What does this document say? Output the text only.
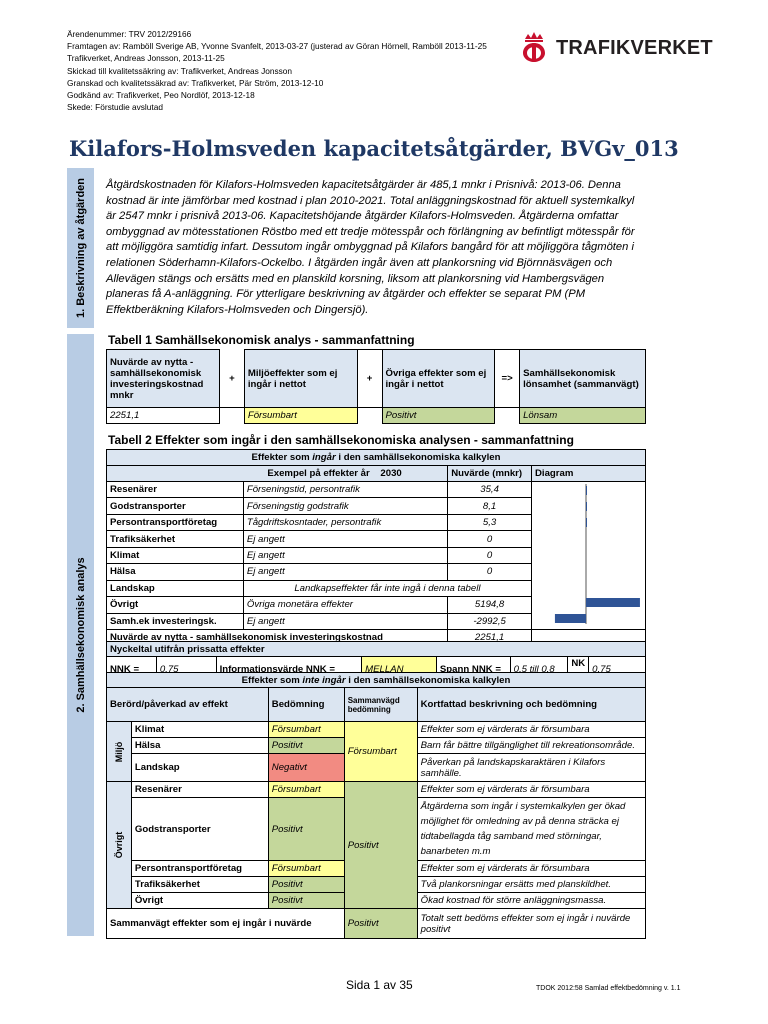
Ärendenummer: TRV 2012/29166
Framtagen av: Ramböll Sverige AB, Yvonne Svanfelt, 2013-03-27 (justerad av Göran Hörnell, Ramböll 2013-11-25
Trafikverket, Andreas Jonsson, 2013-11-25
Skickad till kvalitetssäkring av: Trafikverket, Andreas Jonsson
Granskad och kvalitetssäkrad av: Trafikverket, Pär Ström, 2013-12-10
Godkänd av: Trafikverket, Peo Nordlöf, 2013-12-18
Skede: Förstudie avslutad
TRAFIKVERKET
Kilafors-Holmsveden kapacitetsåtgärder, BVGv_013
1. Beskrivning av åtgärden
2. Samhällsekonomisk analys
Åtgärdskostnaden för Kilafors-Holmsveden kapacitetsåtgärder är 485,1 mnkr i Prisnivå: 2013-06. Denna kostnad är inte jämförbar med kostnad i plan 2010-2021. Total anläggningskostnad för aktuell systemkalkyl är 2547 mnkr i prisnivå 2013-06. Kapacitetshöjande åtgärder Kilafors-Holmsveden. Åtgärderna omfattar ombyggnad av mötesstationen Röstbo med ett tredje mötesspår och förlängning av befintligt mötesspår för att möjliggöra samtidig infart. Dessutom ingår ombyggnad på Kilafors bangård för att möjliggöra tågmöten i relationen Söderhamn-Kilafors-Ockelbo. I åtgärden ingår även att plankorsning vid Björnnäsvägen och Allevägen stängs och ersätts med en planskild korsning, liksom att plankorsning vid Hambergsvägen planeras få A-anläggning. För ytterligare beskrivning av åtgärder och effekter se separat PM (PM Effektberäkning Kilafors-Holmsveden och Dingersjö).
Tabell 1 Samhällsekonomisk analys - sammanfattning
Nuvärde av nytta - samhällsekonomisk investeringskostnad mnkr	+	Miljöeffekter som ej ingår i nettot	+	Övriga effekter som ej ingår i nettot	=>	Samhällsekonomisk lönsamhet (sammanvägt)
2251,1		Försumbart		Positivt		Lönsam
Tabell 2 Effekter som ingår i den samhällsekonomiska analysen - sammanfattning
Effekter som ingår i den samhällsekonomiska kalkylen			
	Exempel på effekter år 2030	Nuvärde (mnkr)	Diagram
Resenärer	Förseningstid, persontrafik	35,4	
Godstransporter	Förseningstig godstrafik	8,1	
Persontransportföretag	Tågdriftskosntader, persontrafik	5,3	
Trafiksäkerhet	Ej angett	0	
Klimat	Ej angett	0	
Hälsa	Ej angett	0	
Landskap	Landkapseffekter får inte ingå i denna tabell		
Övrigt	Övriga monetära effekter	5194,8	
Samh.ek investeringsk.	Ej angett	-2992,5	
Nuvärde av nytta - samhällsekonomisk investeringskostnad		2251,1	
Nyckeltal utifrån prissatta effekter
NNK =	0,75	Informationsvärde NNK =	MELLAN	Spann NNK =	0,5 till 0,8	NK =	0,75
Effekter som inte ingår i den samhällsekonomiska kalkylen				
Berörd/påverkad av effekt		Bedömning	Sammanvägd bedömning	Kortfattad beskrivning och bedömning

Miljö	Klimat	Försumbart	Försumbart	Effekter som ej värderats är försumbara
	Hälsa	Positivt		Barn får bättre tillgänglighet till rekreationsområde.
	Landskap	Negativt		Påverkan på landskapskaraktären i Kilafors samhälle.

Övrigt	Resenärer	Försumbart	Positivt	Effekter som ej värderats är försumbara
	Godstransporter	Positivt		Åtgärderna som ingår i systemkalkylen ger ökad möjlighet för omledning av på denna sträcka ej tidtabellagda tåg samband med störningar, banarbeten m.m
	Persontransportföretag	Försumbart		Effekter som ej värderats är försumbara
	Trafiksäkerhet	Positivt		Två plankorsningar ersätts med planskildhet.
	Övrigt	Positivt		Ökad kostnad för större anläggningsmassa.
Sammanvägt effekter som ej ingår i nuvärde			Positivt	Totalt sett bedöms effekter som ej ingår i nuvärde positivt
Sida 1 av 35	TDOK 2012:58 Samlad effektbedömning v. 1.1
